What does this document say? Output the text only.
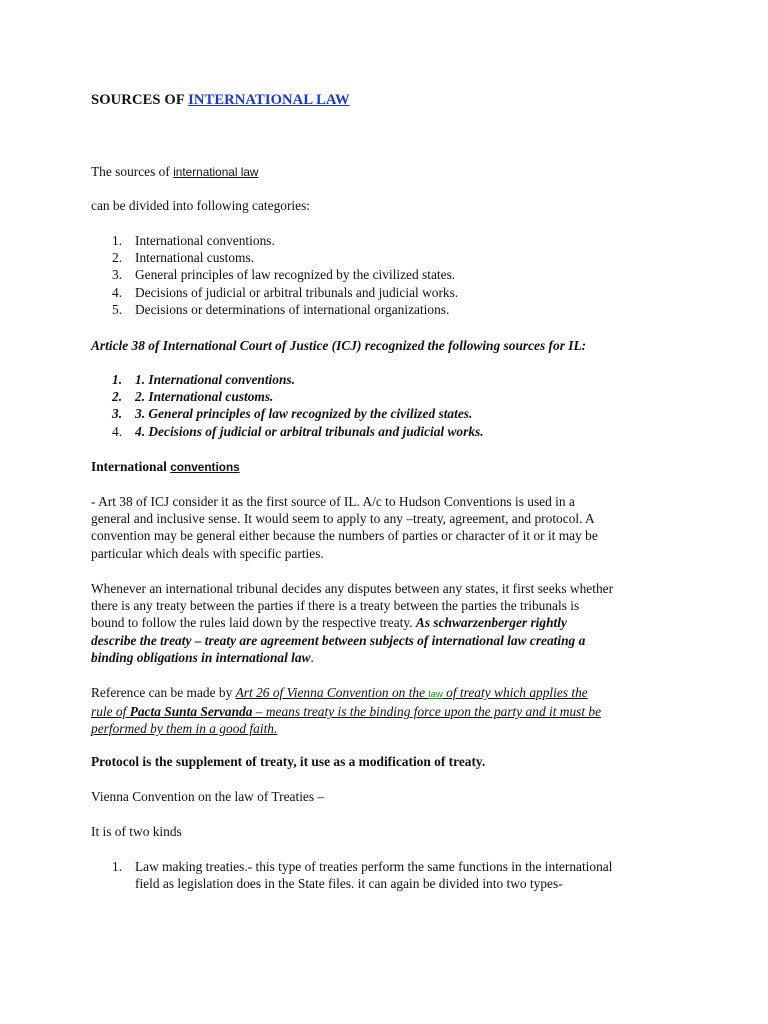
SOURCES OF INTERNATIONAL LAW
The sources of international law
can be divided into following categories:
1. International conventions.
2. International customs.
3. General principles of law recognized by the civilized states.
4. Decisions of judicial or arbitral tribunals and judicial works.
5. Decisions or determinations of international organizations.
Article 38 of International Court of Justice (ICJ) recognized the following sources for IL:
1. 1. International conventions.
2. 2. International customs.
3. 3. General principles of law recognized by the civilized states.
4. 4. Decisions of judicial or arbitral tribunals and judicial works.
International conventions
- Art 38 of ICJ consider it as the first source of IL. A/c to Hudson Conventions is used in a
general and inclusive sense. It would seem to apply to any –treaty, agreement, and protocol. A
convention may be general either because the numbers of parties or character of it or it may be
particular which deals with specific parties.
Whenever an international tribunal decides any disputes between any states, it first seeks whether
there is any treaty between the parties if there is a treaty between the parties the tribunals is
bound to follow the rules laid down by the respective treaty. As schwarzenberger rightly
describe the treaty – treaty are agreement between subjects of international law creating a
binding obligations in international law.
Reference can be made by Art 26 of Vienna Convention on the law of treaty which applies the
rule of Pacta Sunta Servanda – means treaty is the binding force upon the party and it must be
performed by them in a good faith.
Protocol is the supplement of treaty, it use as a modification of treaty.
Vienna Convention on the law of Treaties –
It is of two kinds
1. Law making treaties.- this type of treaties perform the same functions in the international
field as legislation does in the State files. it can again be divided into two types-
